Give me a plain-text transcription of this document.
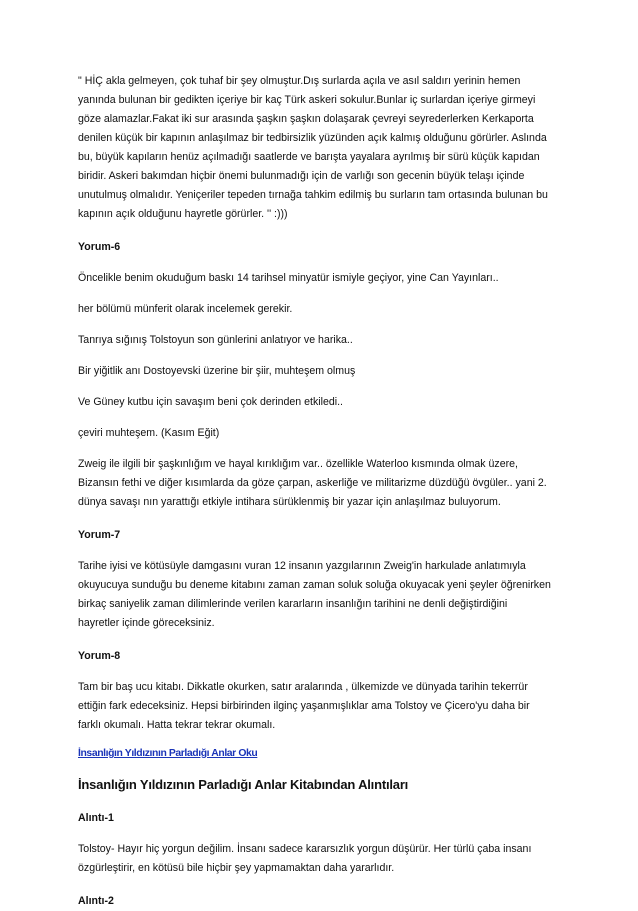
" HİÇ akla gelmeyen, çok tuhaf bir şey olmuştur.Dış surlarda açıla ve asıl saldırı yerinin hemen
yanında bulunan bir gedikten içeriye bir kaç Türk askeri sokulur.Bunlar iç surlardan içeriye girmeyi
göze alamazlar.Fakat iki sur arasında şaşkın şaşkın dolaşarak çevreyi seyrederlerken Kerkaporta
denilen küçük bir kapının anlaşılmaz bir tedbirsizlik yüzünden açık kalmış olduğunu görürler. Aslında
bu, büyük kapıların henüz açılmadığı saatlerde ve barışta yayalara ayrılmış bir sürü küçük kapıdan
biridir. Askeri bakımdan hiçbir önemi bulunmadığı için de varlığı son gecenin büyük telaşı içinde
unutulmuş olmalıdır. Yeniçeriler tepeden tırnağa tahkim edilmiş bu surların tam ortasında bulunan bu
kapının açık olduğunu hayretle görürler. '' :)))

Yorum-6

Öncelikle benim okuduğum baskı 14 tarihsel minyatür ismiyle geçiyor, yine Can Yayınları..

her bölümü münferit olarak incelemek gerekir.

Tanrıya sığınış Tolstoyun son günlerini anlatıyor ve harika..

Bir yiğitlik anı Dostoyevski üzerine bir şiir, muhteşem olmuş

Ve Güney kutbu için savaşım beni çok derinden etkiledi..

çeviri muhteşem. (Kasım Eğit)

Zweig ile ilgili bir şaşkınlığım ve hayal kırıklığım var.. özellikle Waterloo kısmında olmak üzere,
Bizansın fethi ve diğer kısımlarda da göze çarpan, askerliğe ve militarizme düzdüğü övgüler.. yani 2.
dünya savaşı nın yarattığı etkiyle intihara sürüklenmiş bir yazar için anlaşılmaz buluyorum.

Yorum-7

Tarihe iyisi ve kötüsüyle damgasını vuran 12 insanın yazgılarının Zweig'in harkulade anlatımıyla
okuyucuya sunduğu bu deneme kitabını zaman zaman soluk soluğa okuyacak yeni şeyler öğrenirken
birkaç saniyelik zaman dilimlerinde verilen kararların insanlığın tarihini ne denli değiştirdiğini
hayretler içinde göreceksiniz.

Yorum-8

Tam bir baş ucu kitabı. Dikkatle okurken, satır aralarında , ülkemizde ve dünyada tarihin tekerrür
ettiğin fark edeceksiniz. Hepsi birbirinden ilginç yaşanmışlıklar ama Tolstoy ve Çicero'yu daha bir
farklı okumalı. Hatta tekrar tekrar okumalı.

İnsanlığın Yıldızının Parladığı Anlar Oku

İnsanlığın Yıldızının Parladığı Anlar Kitabından Alıntıları

Alıntı-1

Tolstoy- Hayır hiç yorgun değilim. İnsanı sadece kararsızlık yorgun düşürür. Her türlü çaba insanı
özgürleştirir, en kötüsü bile hiçbir şey yapmamaktan daha yararlıdır.

Alıntı-2
